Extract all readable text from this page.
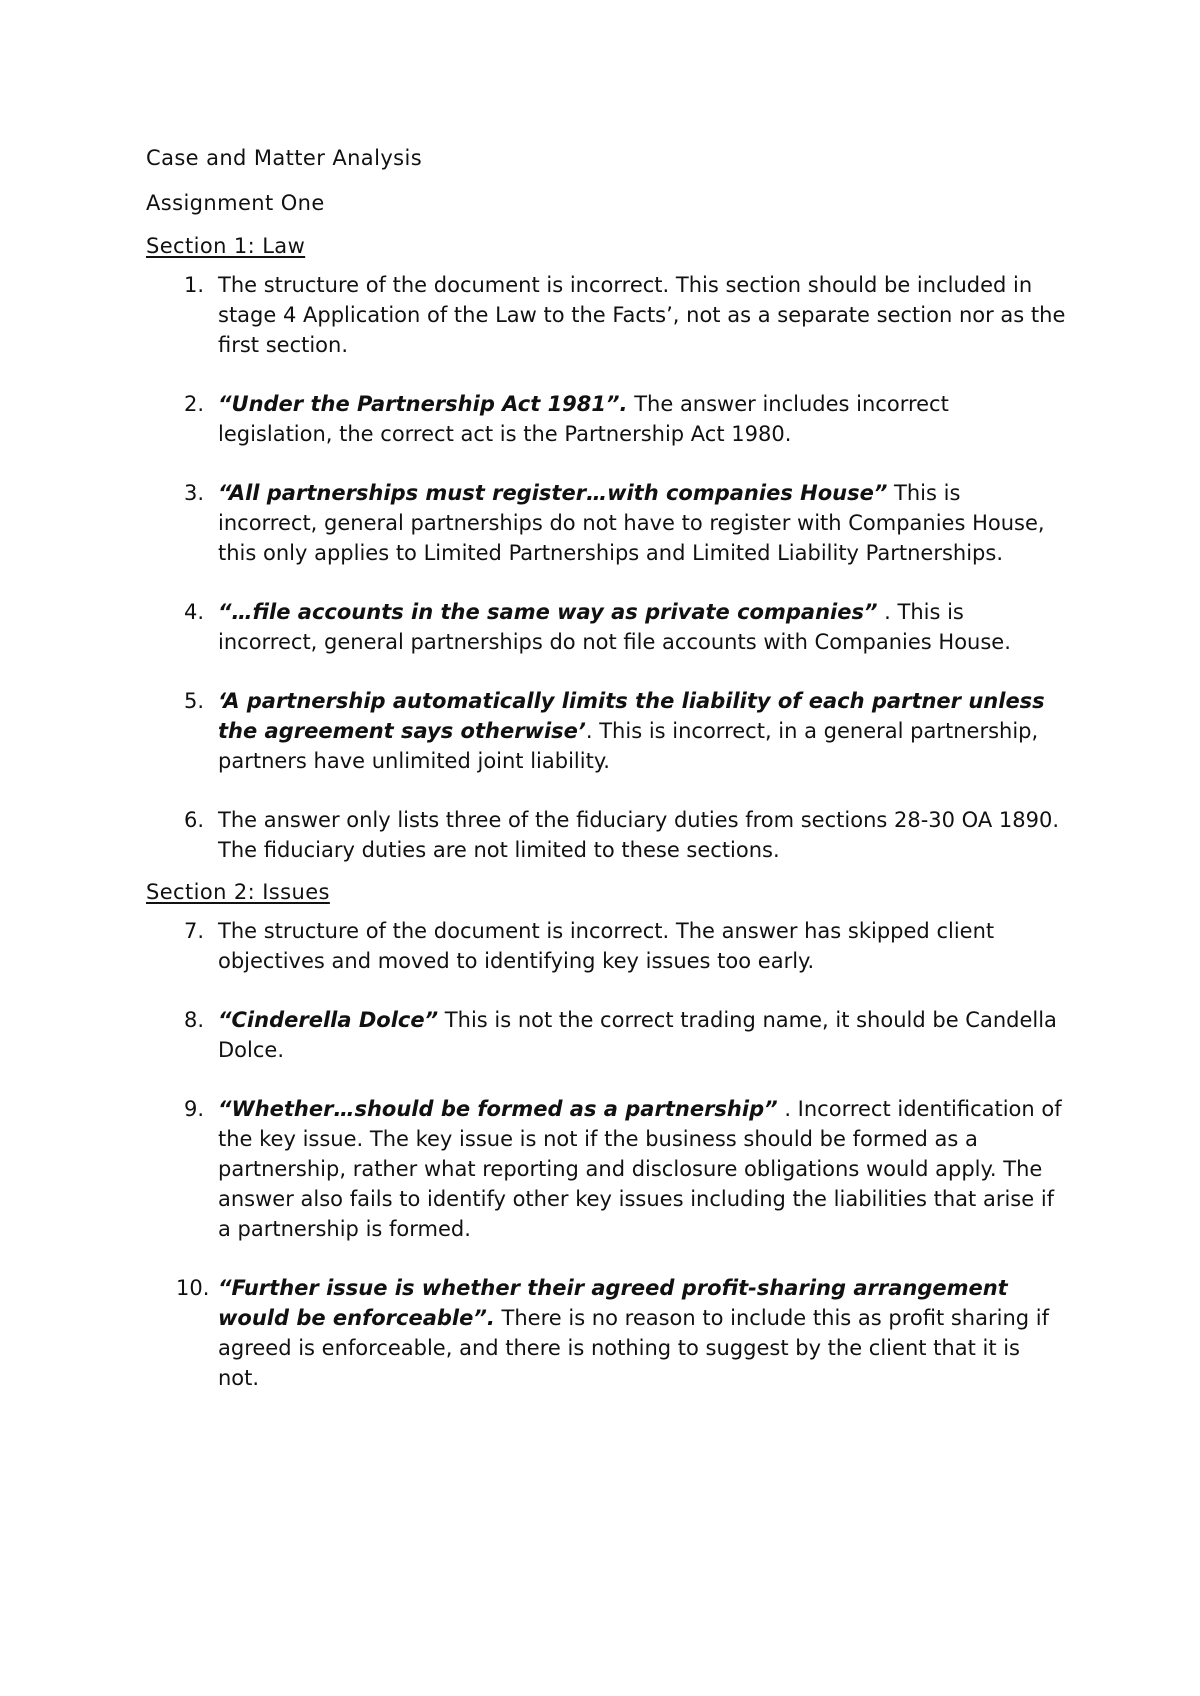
Case and Matter Analysis

Assignment One

Section 1: Law

1. The structure of the document is incorrect. This section should be included in stage 4 Application of the Law to the Facts’, not as a separate section nor as the first section.
2. “Under the Partnership Act 1981”. The answer includes incorrect legislation, the correct act is the Partnership Act 1980.
3. “All partnerships must register…with companies House” This is incorrect, general partnerships do not have to register with Companies House, this only applies to Limited Partnerships and Limited Liability Partnerships.
4. “…file accounts in the same way as private companies” . This is incorrect, general partnerships do not file accounts with Companies House.
5. ‘A partnership automatically limits the liability of each partner unless the agreement says otherwise’. This is incorrect, in a general partnership, partners have unlimited joint liability.
6. The answer only lists three of the fiduciary duties from sections 28-30 OA 1890. The fiduciary duties are not limited to these sections.

Section 2: Issues

7. The structure of the document is incorrect. The answer has skipped client objectives and moved to identifying key issues too early.
8. “Cinderella Dolce” This is not the correct trading name, it should be Candella Dolce.
9. “Whether…should be formed as a partnership” . Incorrect identification of the key issue. The key issue is not if the business should be formed as a partnership, rather what reporting and disclosure obligations would apply. The answer also fails to identify other key issues including the liabilities that arise if a partnership is formed.
10. “Further issue is whether their agreed profit-sharing arrangement would be enforceable”. There is no reason to include this as profit sharing if agreed is enforceable, and there is nothing to suggest by the client that it is not.
